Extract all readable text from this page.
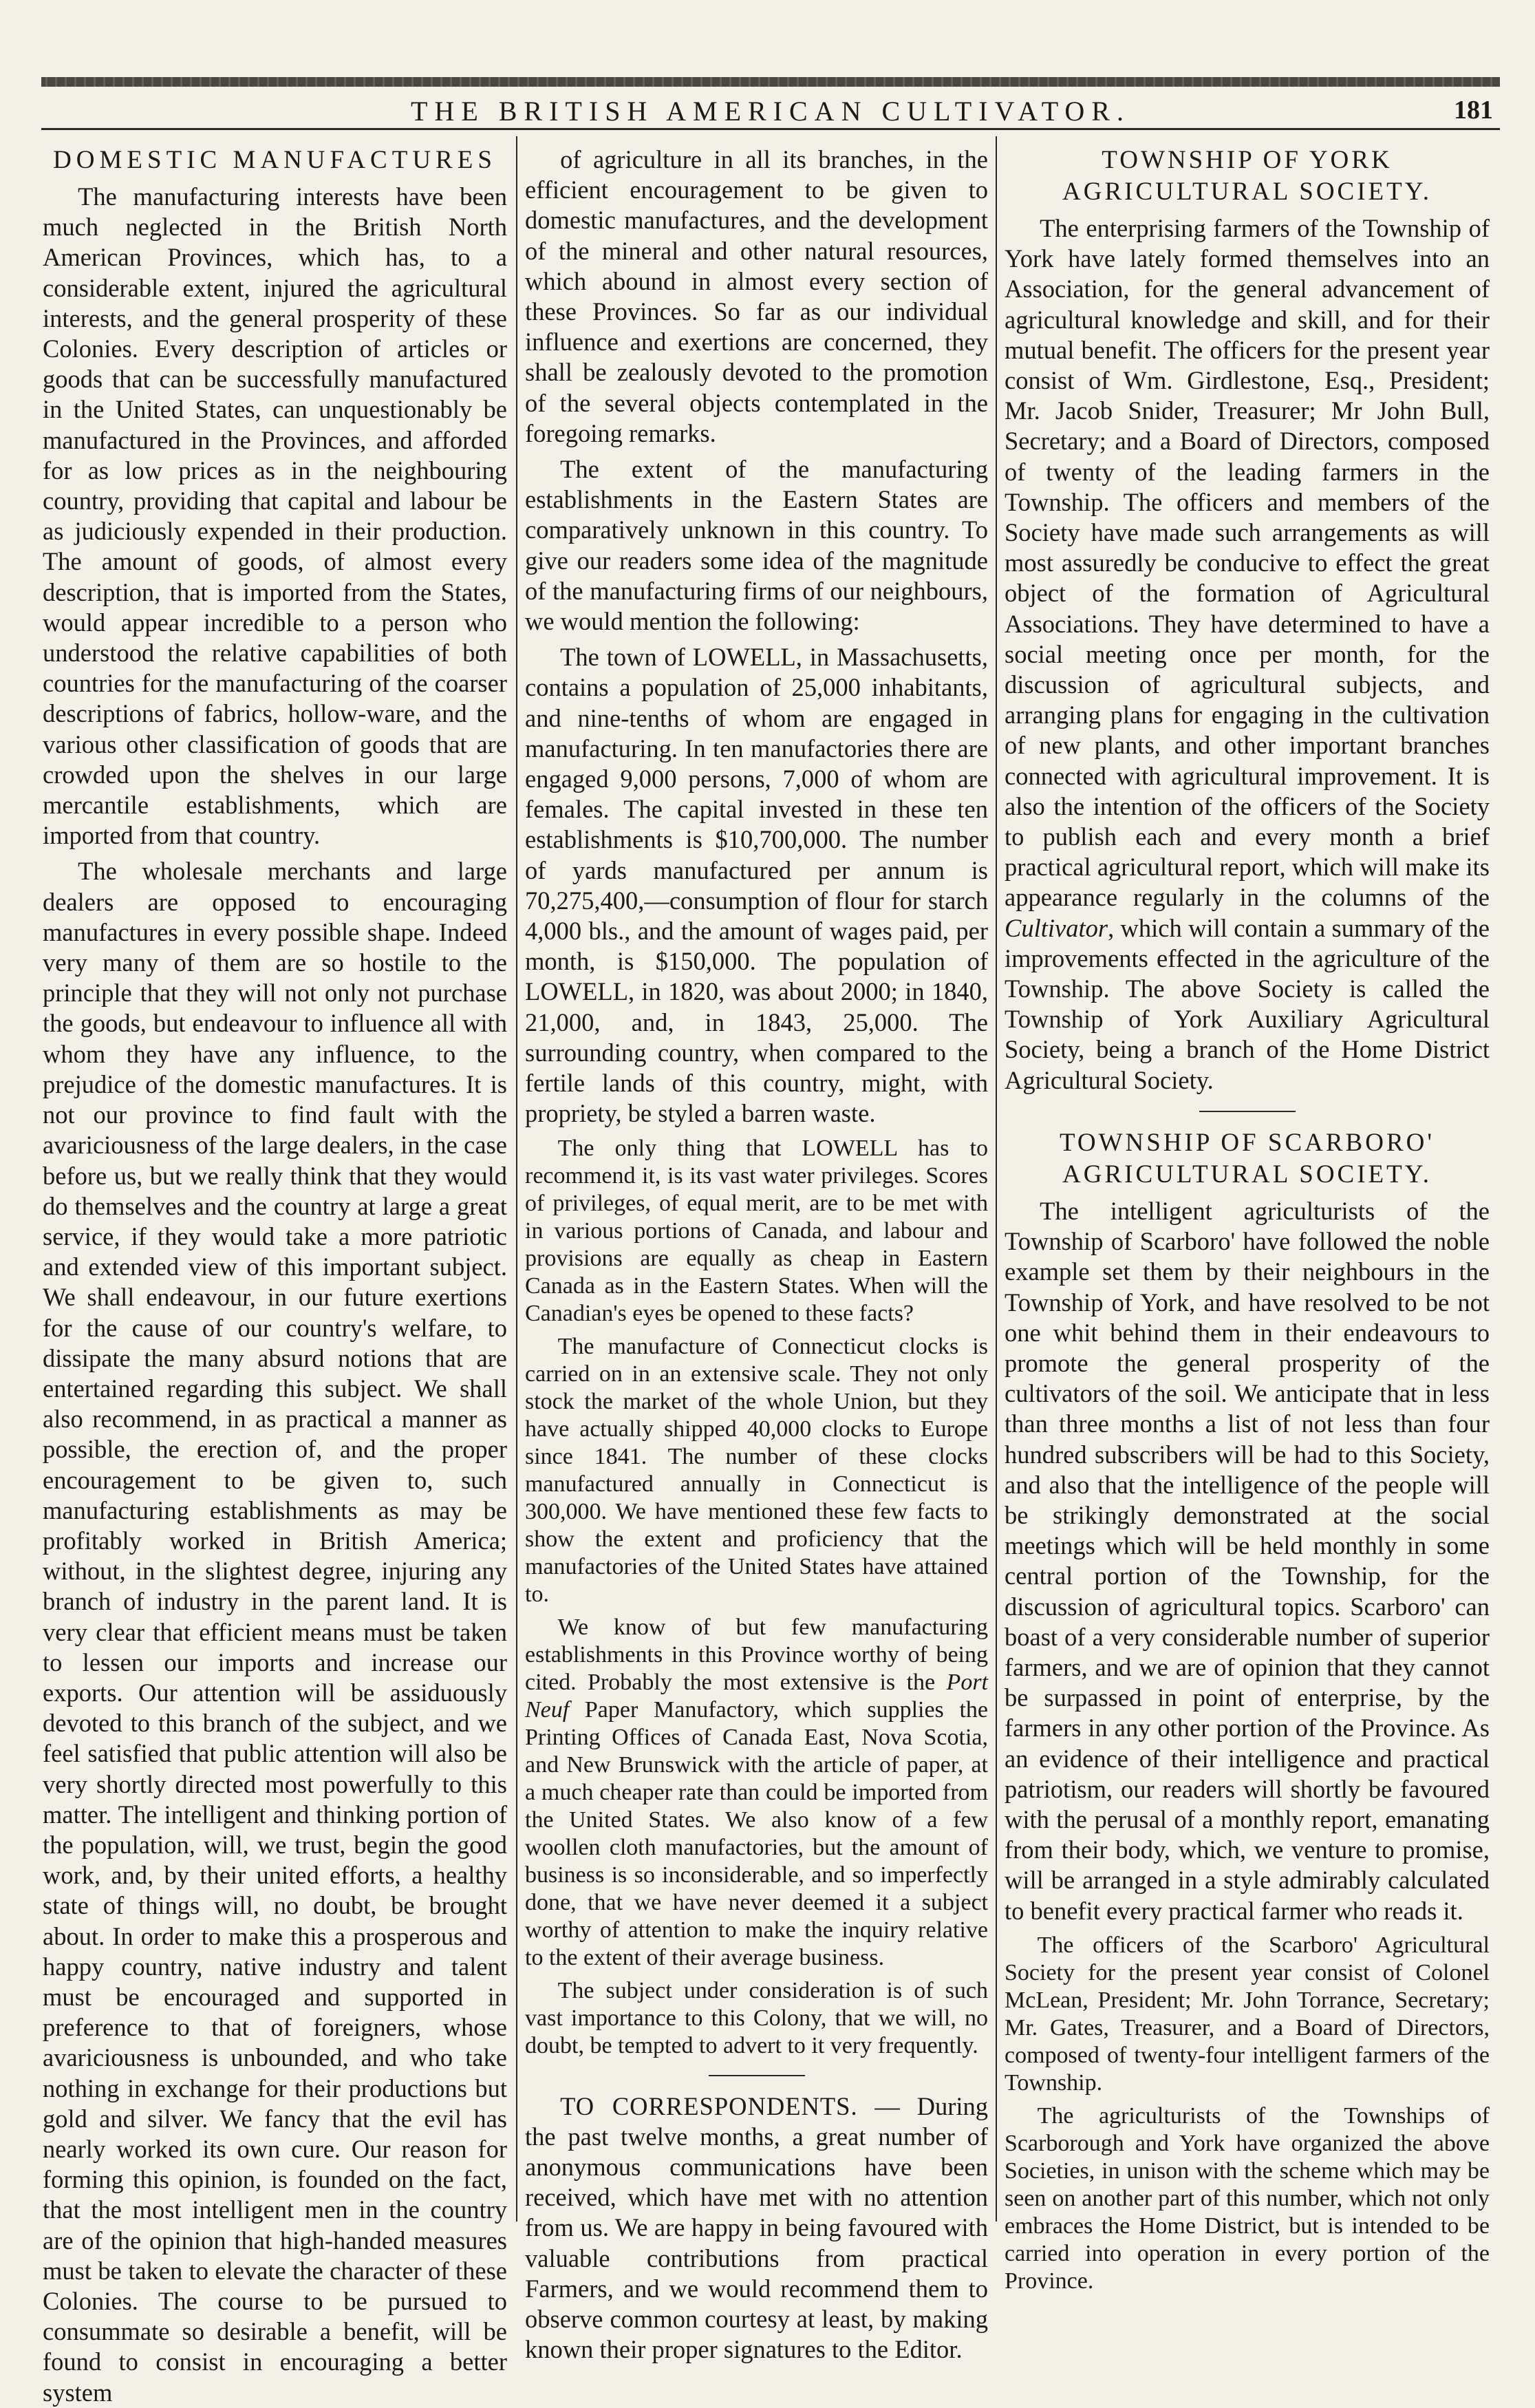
THE BRITISH AMERICAN CULTIVATOR.	181

DOMESTIC MANUFACTURES

The manufacturing interests have been much neglected in the British North American Provinces, which has, to a considerable extent, injured the agricultural interests, and the general prosperity of these Colonies. Every description of articles or goods that can be successfully manufactured in the United States, can unquestionably be manufactured in the Provinces, and afforded for as low prices as in the neighbouring country, providing that capital and labour be as judiciously expended in their production. The amount of goods, of almost every description, that is imported from the States, would appear incredible to a person who understood the relative capabilities of both countries for the manufacturing of the coarser descriptions of fabrics, hollow-ware, and the various other classification of goods that are crowded upon the shelves in our large mercantile establishments, which are imported from that country.

The wholesale merchants and large dealers are opposed to encouraging manufactures in every possible shape. Indeed very many of them are so hostile to the principle that they will not only not purchase the goods, but endeavour to influence all with whom they have any influence, to the prejudice of the domestic manufactures. It is not our province to find fault with the avariciousness of the large dealers, in the case before us, but we really think that they would do themselves and the country at large a great service, if they would take a more patriotic and extended view of this important subject. We shall endeavour, in our future exertions for the cause of our country's welfare, to dissipate the many absurd notions that are entertained regarding this subject. We shall also recommend, in as practical a manner as possible, the erection of, and the proper encouragement to be given to, such manufacturing establishments as may be profitably worked in British America; without, in the slightest degree, injuring any branch of industry in the parent land. It is very clear that efficient means must be taken to lessen our imports and increase our exports. Our attention will be assiduously devoted to this branch of the subject, and we feel satisfied that public attention will also be very shortly directed most powerfully to this matter. The intelligent and thinking portion of the population, will, we trust, begin the good work, and, by their united efforts, a healthy state of things will, no doubt, be brought about. In order to make this a prosperous and happy country, native industry and talent must be encouraged and supported in preference to that of foreigners, whose avariciousness is unbounded, and who take nothing in exchange for their productions but gold and silver. We fancy that the evil has nearly worked its own cure. Our reason for forming this opinion, is founded on the fact, that the most intelligent men in the country are of the opinion that high-handed measures must be taken to elevate the character of these Colonies. The course to be pursued to consummate so desirable a benefit, will be found to consist in encouraging a better system

of agriculture in all its branches, in the efficient encouragement to be given to domestic manufactures, and the development of the mineral and other natural resources, which abound in almost every section of these Provinces. So far as our individual influence and exertions are concerned, they shall be zealously devoted to the promotion of the several objects contemplated in the foregoing remarks.

The extent of the manufacturing establishments in the Eastern States are comparatively unknown in this country. To give our readers some idea of the magnitude of the manufacturing firms of our neighbours, we would mention the following:

The town of LOWELL, in Massachusetts, contains a population of 25,000 inhabitants, and nine-tenths of whom are engaged in manufacturing. In ten manufactories there are engaged 9,000 persons, 7,000 of whom are females. The capital invested in these ten establishments is $10,700,000. The number of yards manufactured per annum is 70,275,400,—consumption of flour for starch 4,000 bls., and the amount of wages paid, per month, is $150,000. The population of LOWELL, in 1820, was about 2000; in 1840, 21,000, and, in 1843, 25,000. The surrounding country, when compared to the fertile lands of this country, might, with propriety, be styled a barren waste.

The only thing that LOWELL has to recommend it, is its vast water privileges. Scores of privileges, of equal merit, are to be met with in various portions of Canada, and labour and provisions are equally as cheap in Eastern Canada as in the Eastern States. When will the Canadian's eyes be opened to these facts?

The manufacture of Connecticut clocks is carried on in an extensive scale. They not only stock the market of the whole Union, but they have actually shipped 40,000 clocks to Europe since 1841. The number of these clocks manufactured annually in Connecticut is 300,000. We have mentioned these few facts to show the extent and proficiency that the manufactories of the United States have attained to.

We know of but few manufacturing establishments in this Province worthy of being cited. Probably the most extensive is the Port Neuf Paper Manufactory, which supplies the Printing Offices of Canada East, Nova Scotia, and New Brunswick with the article of paper, at a much cheaper rate than could be imported from the United States. We also know of a few woollen cloth manufactories, but the amount of business is so inconsiderable, and so imperfectly done, that we have never deemed it a subject worthy of attention to make the inquiry relative to the extent of their average business.

The subject under consideration is of such vast importance to this Colony, that we will, no doubt, be tempted to advert to it very frequently.

TO CORRESPONDENTS. — During the past twelve months, a great number of anonymous communications have been received, which have met with no attention from us. We are happy in being favoured with valuable contributions from practical Farmers, and we would recommend them to observe common courtesy at least, by making known their proper signatures to the Editor.

TOWNSHIP OF YORK AGRICULTURAL SOCIETY.

The enterprising farmers of the Township of York have lately formed themselves into an Association, for the general advancement of agricultural knowledge and skill, and for their mutual benefit. The officers for the present year consist of Wm. Girdlestone, Esq., President; Mr. Jacob Snider, Treasurer; Mr John Bull, Secretary; and a Board of Directors, composed of twenty of the leading farmers in the Township. The officers and members of the Society have made such arrangements as will most assuredly be conducive to effect the great object of the formation of Agricultural Associations. They have determined to have a social meeting once per month, for the discussion of agricultural subjects, and arranging plans for engaging in the cultivation of new plants, and other important branches connected with agricultural improvement. It is also the intention of the officers of the Society to publish each and every month a brief practical agricultural report, which will make its appearance regularly in the columns of the Cultivator, which will contain a summary of the improvements effected in the agriculture of the Township. The above Society is called the Township of York Auxiliary Agricultural Society, being a branch of the Home District Agricultural Society.

TOWNSHIP OF SCARBORO' AGRICULTURAL SOCIETY.

The intelligent agriculturists of the Township of Scarboro' have followed the noble example set them by their neighbours in the Township of York, and have resolved to be not one whit behind them in their endeavours to promote the general prosperity of the cultivators of the soil. We anticipate that in less than three months a list of not less than four hundred subscribers will be had to this Society, and also that the intelligence of the people will be strikingly demonstrated at the social meetings which will be held monthly in some central portion of the Township, for the discussion of agricultural topics. Scarboro' can boast of a very considerable number of superior farmers, and we are of opinion that they cannot be surpassed in point of enterprise, by the farmers in any other portion of the Province. As an evidence of their intelligence and practical patriotism, our readers will shortly be favoured with the perusal of a monthly report, emanating from their body, which, we venture to promise, will be arranged in a style admirably calculated to benefit every practical farmer who reads it.

The officers of the Scarboro' Agricultural Society for the present year consist of Colonel McLean, President; Mr. John Torrance, Secretary; Mr. Gates, Treasurer, and a Board of Directors, composed of twenty-four intelligent farmers of the Township.

The agriculturists of the Townships of Scarborough and York have organized the above Societies, in unison with the scheme which may be seen on another part of this number, which not only embraces the Home District, but is intended to be carried into operation in every portion of the Province.
